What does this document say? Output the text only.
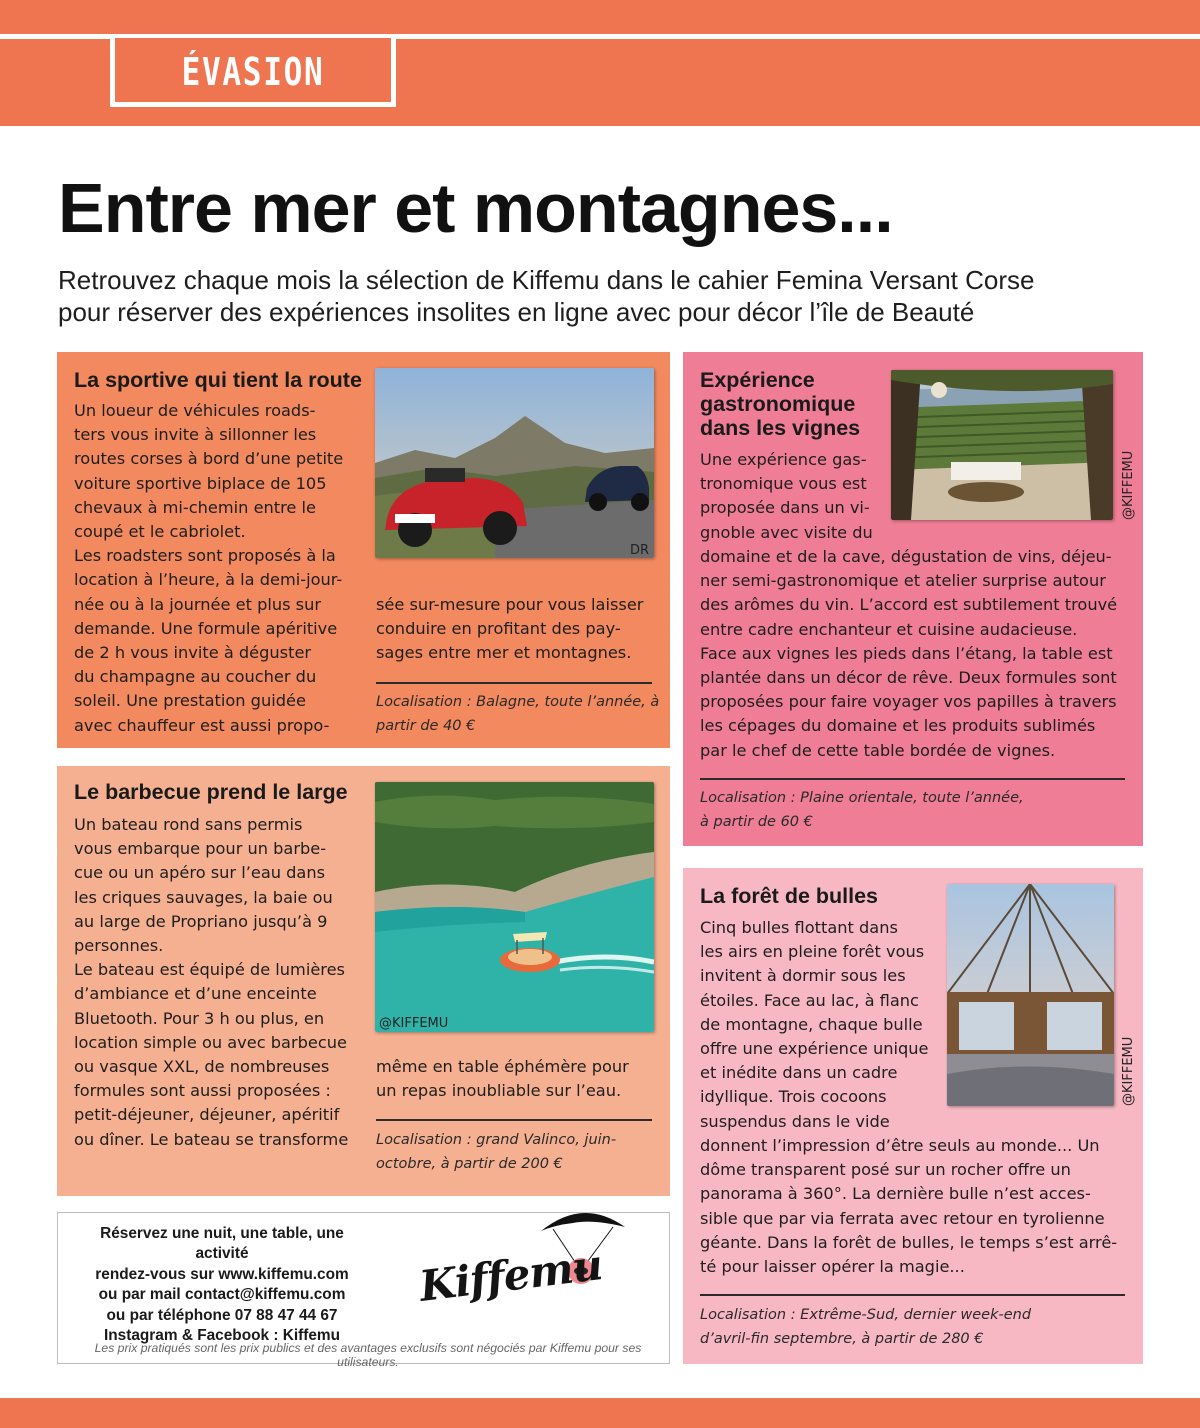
ÉVASION
Entre mer et montagnes...
Retrouvez chaque mois la sélection de Kiffemu dans le cahier Femina Versant Corse
pour réserver des expériences insolites en ligne avec pour décor l’île de Beauté
La sportive qui tient la route
Un loueur de véhicules roads-
ters vous invite à sillonner les
routes corses à bord d’une petite
voiture sportive biplace de 105
chevaux à mi-chemin entre le
coupé et le cabriolet.
Les roadsters sont proposés à la
location à l’heure, à la demi-jour-
née ou à la journée et plus sur
demande. Une formule apéritive
de 2 h vous invite à déguster
du champagne au coucher du
soleil. Une prestation guidée
avec chauffeur est aussi propo-
DR
sée sur-mesure pour vous laisser
conduire en profitant des pay-
sages entre mer et montagnes.
Localisation : Balagne, toute l’année, à
partir de 40 €
Expérience
gastronomique
dans les vignes
@KIFFEMU
Une expérience gas-
tronomique vous est
proposée dans un vi-
gnoble avec visite du
domaine et de la cave, dégustation de vins, déjeu-
ner semi-gastronomique et atelier surprise autour
des arômes du vin. L’accord est subtilement trouvé
entre cadre enchanteur et cuisine audacieuse.
Face aux vignes les pieds dans l’étang, la table est
plantée dans un décor de rêve. Deux formules sont
proposées pour faire voyager vos papilles à travers
les cépages du domaine et les produits sublimés
par le chef de cette table bordée de vignes.
Localisation : Plaine orientale, toute l’année,
à partir de 60 €
Le barbecue prend le large
Un bateau rond sans permis
vous embarque pour un barbe-
cue ou un apéro sur l’eau dans
les criques sauvages, la baie ou
au large de Propriano jusqu’à 9
personnes.
Le bateau est équipé de lumières
d’ambiance et d’une enceinte
Bluetooth. Pour 3 h ou plus, en
location simple ou avec barbecue
ou vasque XXL, de nombreuses
formules sont aussi proposées :
petit-déjeuner, déjeuner, apéritif
ou dîner. Le bateau se transforme
@KIFFEMU
même en table éphémère pour
un repas inoubliable sur l’eau.
Localisation : grand Valinco, juin-
octobre, à partir de 200 €
La forêt de bulles
@KIFFEMU
Cinq bulles flottant dans
les airs en pleine forêt vous
invitent à dormir sous les
étoiles. Face au lac, à flanc
de montagne, chaque bulle
offre une expérience unique
et inédite dans un cadre
idyllique. Trois cocoons
suspendus dans le vide
donnent l’impression d’être seuls au monde... Un
dôme transparent posé sur un rocher offre un
panorama à 360°. La dernière bulle n’est acces-
sible que par via ferrata avec retour en tyrolienne
géante. Dans la forêt de bulles, le temps s’est arrê-
té pour laisser opérer la magie...
Localisation : Extrême-Sud, dernier week-end
d’avril-fin septembre, à partir de 280 €
Réservez une nuit, une table, une activité
rendez-vous sur www.kiffemu.com
ou par mail contact@kiffemu.com
ou par téléphone 07 88 47 44 67
Instagram & Facebook : Kiffemu
Kiffemu
Les prix pratiqués sont les prix publics et des avantages exclusifs sont négociés par Kiffemu pour ses utilisateurs.
